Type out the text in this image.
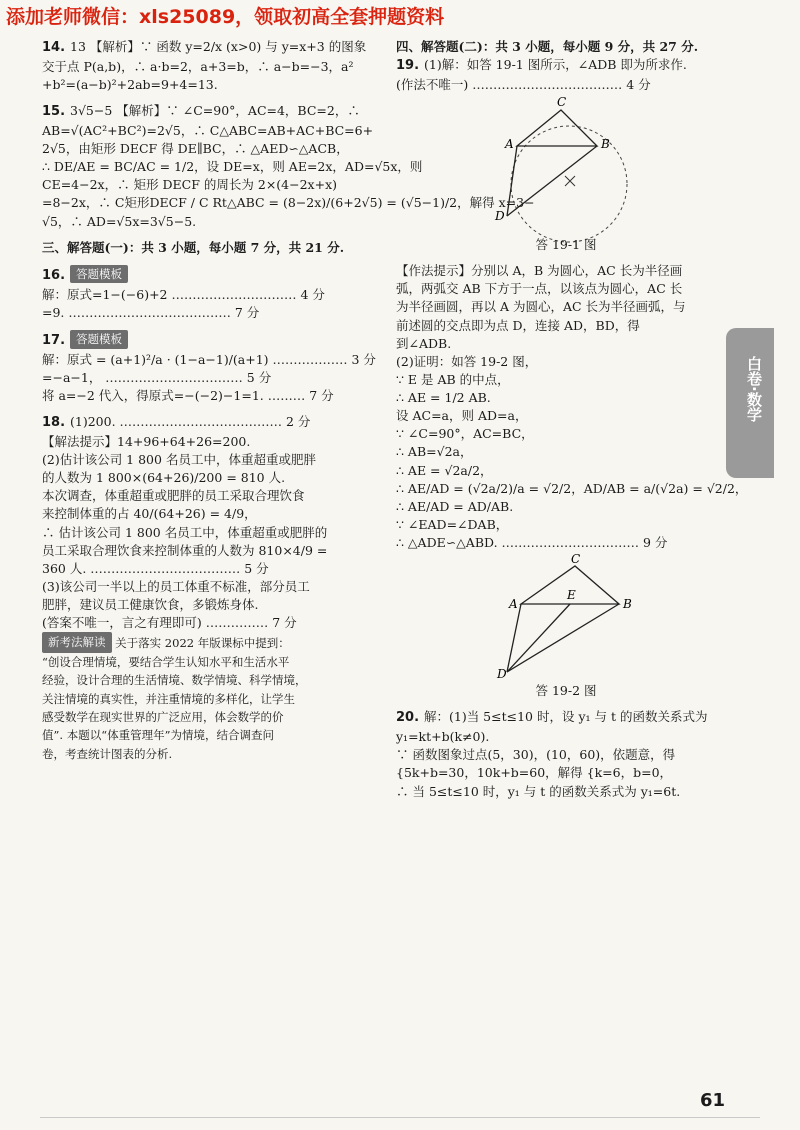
添加老师微信：xls25089，领取初高全套押题资料
14. 13 【解析】∵ 函数 y=2/x (x>0) 与 y=x+3 的图象
交于点 P(a,b)，∴ a·b=2，a+3=b，∴ a−b=−3，a²
+b²=(a−b)²+2ab=9+4=13.
15. 3√5−5 【解析】∵ ∠C=90°，AC=4，BC=2，∴
AB=√(AC²+BC²)=2√5，∴ C△ABC=AB+AC+BC=6+
2√5，由矩形 DECF 得 DE∥BC，∴ △AED∽△ACB，
∴ DE/AE = BC/AC = 1/2，设 DE=x，则 AE=2x，AD=√5x，则
CE=4−2x，∴ 矩形 DECF 的周长为 2×(4−2x+x)
=8−2x，∴ C矩形DECF / C Rt△ABC = (8−2x)/(6+2√5) = (√5−1)/2，解得 x=3−
√5，∴ AD=√5x=3√5−5.
三、解答题(一)：共 3 小题，每小题 7 分，共 21 分.
16. 答题模板
解：原式=1−(−6)+2 ………………………… 4 分
=9. ………………………………… 7 分
17. 答题模板
解：原式 = (a+1)²/a · (1−a−1)/(a+1) ……………… 3 分
=−a−1， …………………………… 5 分
将 a=−2 代入，得原式=−(−2)−1=1. ……… 7 分
18. (1)200. ………………………………… 2 分
【解法提示】14+96+64+26=200.
(2)估计该公司 1 800 名员工中，体重超重或肥胖
的人数为 1 800×(64+26)/200 = 810 人.
本次调查，体重超重或肥胖的员工采取合理饮食
来控制体重的占 40/(64+26) = 4/9，
∴ 估计该公司 1 800 名员工中，体重超重或肥胖的
员工采取合理饮食来控制体重的人数为 810×4/9 =
360 人. ……………………………… 5 分
(3)该公司一半以上的员工体重不标准，部分员工
肥胖，建议员工健康饮食，多锻炼身体.
(答案不唯一，言之有理即可) …………… 7 分
新考法解读 关于落实 2022 年版课标中提到：
“创设合理情境，要结合学生认知水平和生活水平
经验，设计合理的生活情境、数学情境、科学情境，
关注情境的真实性，并注重情境的多样化，让学生
感受数学在现实世界的广泛应用，体会数学的价
值”. 本题以“体重管理年”为情境，结合调查问
卷，考查统计图表的分析.
四、解答题(二)：共 3 小题，每小题 9 分，共 27 分.
19. (1)解：如答 19-1 图所示，∠ADB 即为所求作.
(作法不唯一) ……………………………… 4 分
C
A	B
D
答 19-1 图
【作法提示】分别以 A，B 为圆心，AC 长为半径画
弧，两弧交 AB 下方于一点，以该点为圆心，AC 长
为半径画圆，再以 A 为圆心，AC 长为半径画弧，与
前述圆的交点即为点 D，连接 AD，BD，得
到∠ADB.
(2)证明：如答 19-2 图，
∵ E 是 AB 的中点，
∴ AE = 1/2 AB.
设 AC=a，则 AD=a，
∵ ∠C=90°，AC=BC，
∴ AB=√2a，
∴ AE = √2a/2，
∴ AE/AD = (√2a/2)/a = √2/2，AD/AB = a/(√2a) = √2/2，
∴ AE/AD = AD/AB.
∵ ∠EAD=∠DAB，
∴ △ADE∽△ABD. …………………………… 9 分
C
A	B
E
D
答 19-2 图
20. 解：(1)当 5≤t≤10 时，设 y₁ 与 t 的函数关系式为
y₁=kt+b(k≠0).
∵ 函数图象过点(5，30)，(10，60)，依题意，得
{5k+b=30，10k+b=60，解得 {k=6，b=0，
∴ 当 5≤t≤10 时，y₁ 与 t 的函数关系式为 y₁=6t.
白卷·数学
61
